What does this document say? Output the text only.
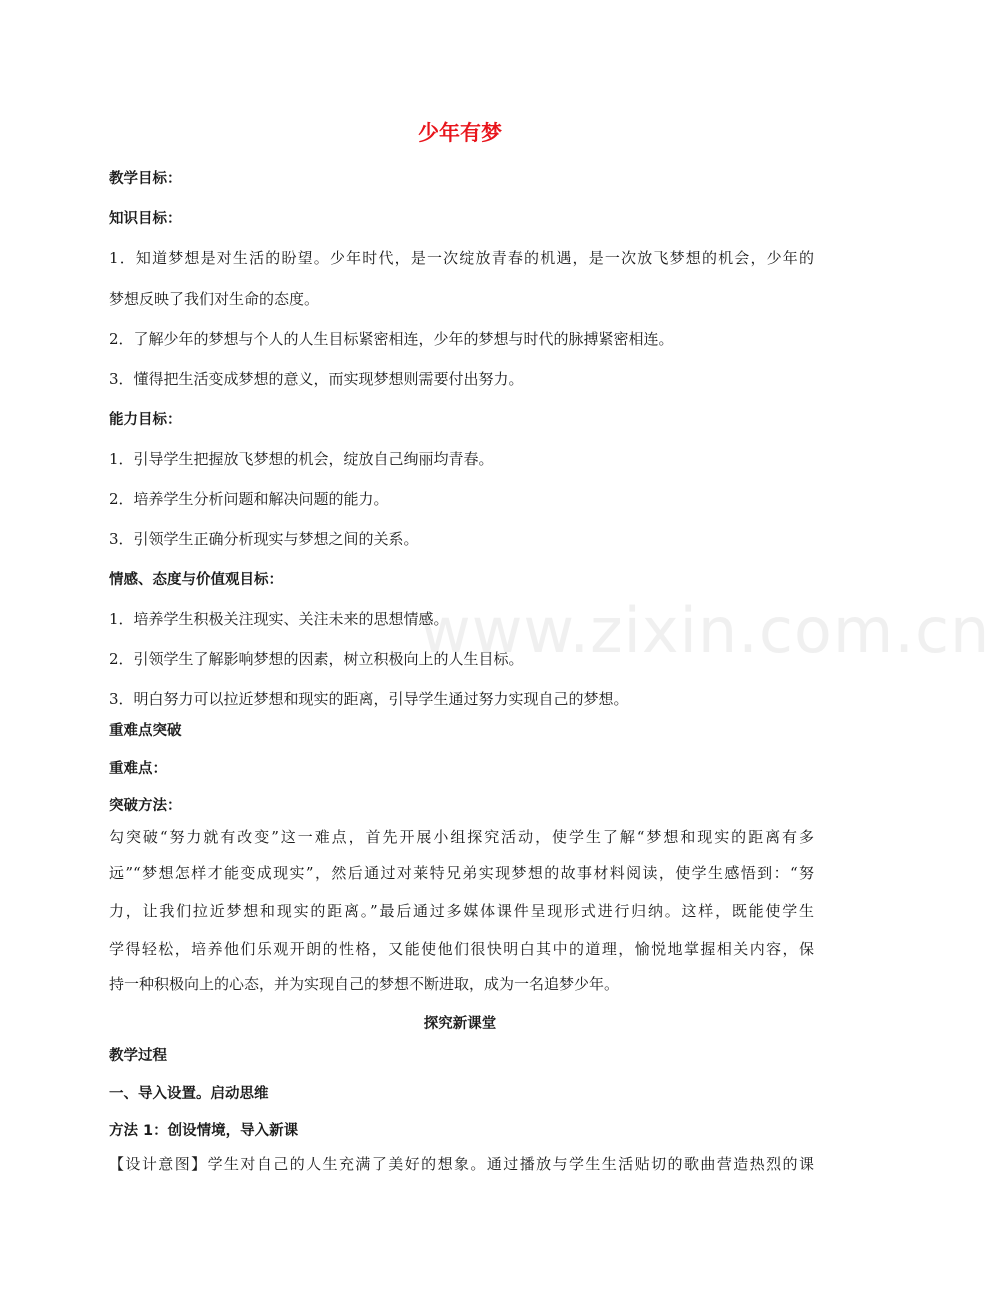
www.zixin.com.cn
少年有梦
教学目标：
知识目标：
1．知道梦想是对生活的盼望。少年时代，是一次绽放青春的机遇，是一次放飞梦想的机会，少年的
梦想反映了我们对生命的态度。
2．了解少年的梦想与个人的人生目标紧密相连，少年的梦想与时代的脉搏紧密相连。
3．懂得把生活变成梦想的意义，而实现梦想则需要付出努力。
能力目标：
1．引导学生把握放飞梦想的机会，绽放自己绚丽均青春。
2．培养学生分析问题和解决问题的能力。
3．引领学生正确分析现实与梦想之间的关系。
情感、态度与价值观目标：
1．培养学生积极关注现实、关注未来的思想情感。
2．引领学生了解影响梦想的因素，树立积极向上的人生目标。
3．明白努力可以拉近梦想和现实的距离，引导学生通过努力实现自己的梦想。
重难点突破
重难点：
突破方法：
勾突破“努力就有改变”这一难点，首先开展小组探究活动，使学生了解“梦想和现实的距离有多
远”“梦想怎样才能变成现实”，然后通过对莱特兄弟实现梦想的故事材料阅读，使学生感悟到：“努
力，让我们拉近梦想和现实的距离。”最后通过多媒体课件呈现形式进行归纳。这样，既能使学生
学得轻松，培养他们乐观开朗的性格，又能使他们很快明白其中的道理，愉悦地掌握相关内容，保
持一种积极向上的心态，并为实现自己的梦想不断进取，成为一名追梦少年。
探究新课堂
教学过程
一、导入设置。启动思维
方法 1：创设情境，导入新课
【设计意图】学生对自己的人生充满了美好的想象。通过播放与学生生活贴切的歌曲营造热烈的课
